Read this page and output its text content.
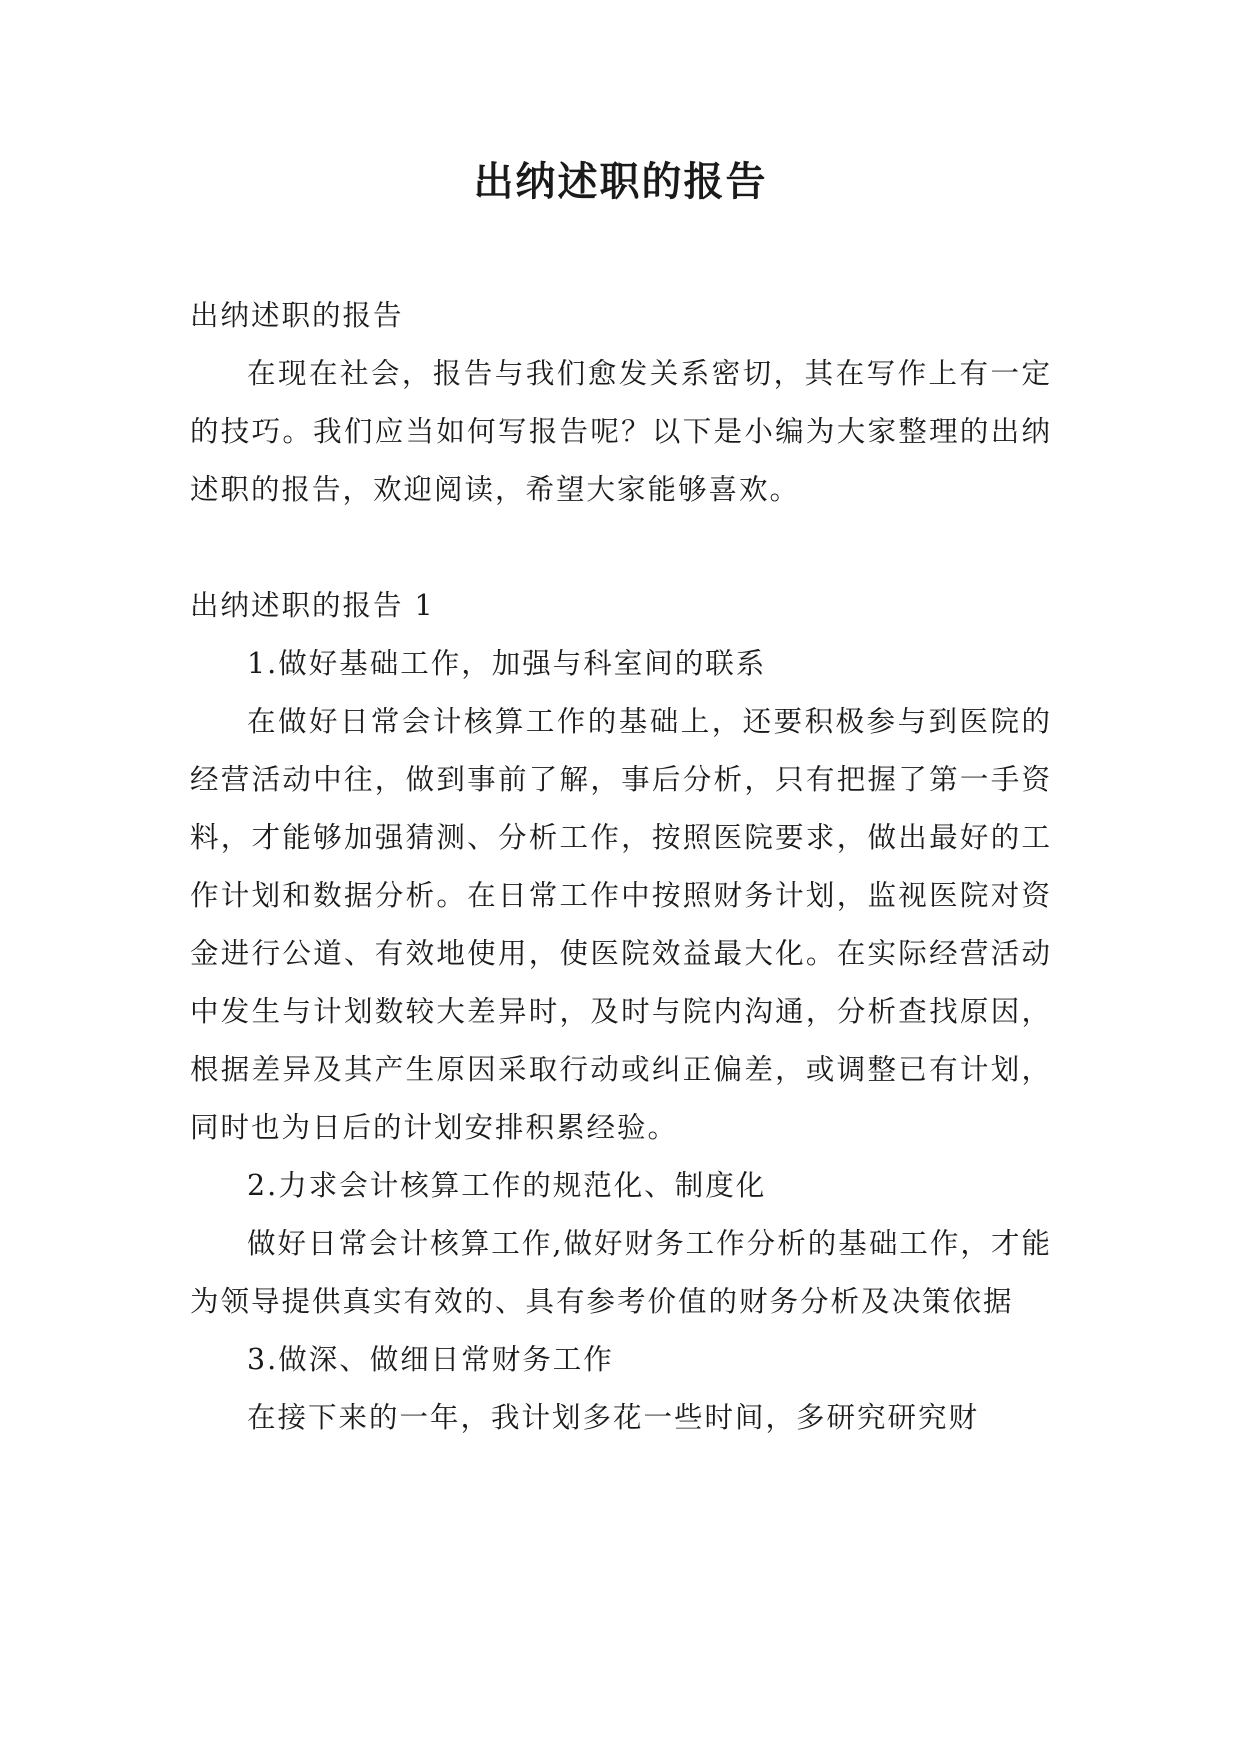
出纳述职的报告

出纳述职的报告

在现在社会，报告与我们愈发关系密切，其在写作上有一定的技巧。我们应当如何写报告呢？以下是小编为大家整理的出纳述职的报告，欢迎阅读，希望大家能够喜欢。

出纳述职的报告 1

1.做好基础工作，加强与科室间的联系

在做好日常会计核算工作的基础上，还要积极参与到医院的经营活动中往，做到事前了解，事后分析，只有把握了第一手资料，才能够加强猜测、分析工作，按照医院要求，做出最好的工作计划和数据分析。在日常工作中按照财务计划，监视医院对资金进行公道、有效地使用，使医院效益最大化。在实际经营活动中发生与计划数较大差异时，及时与院内沟通，分析查找原因，根据差异及其产生原因采取行动或纠正偏差，或调整已有计划，同时也为日后的计划安排积累经验。

2.力求会计核算工作的规范化、制度化

做好日常会计核算工作,做好财务工作分析的基础工作，才能为领导提供真实有效的、具有参考价值的财务分析及决策依据

3.做深、做细日常财务工作

在接下来的一年，我计划多花一些时间，多研究研究财
